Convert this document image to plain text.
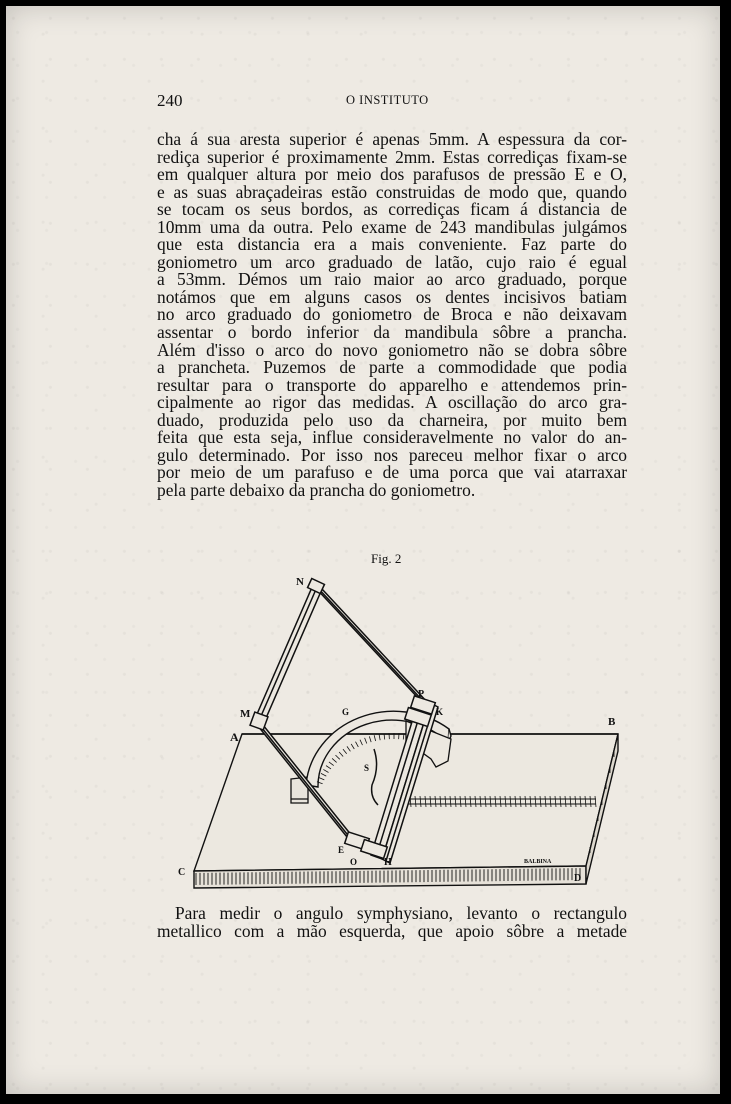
240	O INSTITUTO
cha á sua aresta superior é apenas 5mm. A espessura da cor-
rediça superior é proximamente 2mm. Estas corrediças fixam-se
em qualquer altura por meio dos parafusos de pressão E e O,
e as suas abraçadeiras estão construidas de modo que, quando
se tocam os seus bordos, as corrediças ficam á distancia de
10mm uma da outra. Pelo exame de 243 mandibulas julgámos
que esta distancia era a mais conveniente. Faz parte do
goniometro um arco graduado de latão, cujo raio é egual
a 53mm. Démos um raio maior ao arco graduado, porque
notámos que em alguns casos os dentes incisivos batiam
no arco graduado do goniometro de Broca e não deixavam
assentar o bordo inferior da mandibula sôbre a prancha.
Além d'isso o arco do novo goniometro não se dobra sôbre
a prancheta. Puzemos de parte a commodidade que podia
resultar para o transporte do apparelho e attendemos prin-
cipalmente ao rigor das medidas. A oscillação do arco gra-
duado, produzida pelo uso da charneira, por muito bem
feita que esta seja, influe consideravelmente no valor do an-
gulo determinado. Por isso nos pareceu melhor fixar o arco
por meio de um parafuso e de uma porca que vai atarraxar
pela parte debaixo da prancha do goniometro.
Fig. 2
N
M
A
B
C
D
G
P
K
S
E
O	H	BALBINA
Para medir o angulo symphysiano, levanto o rectangulo
metallico com a mão esquerda, que apoio sôbre a metade
